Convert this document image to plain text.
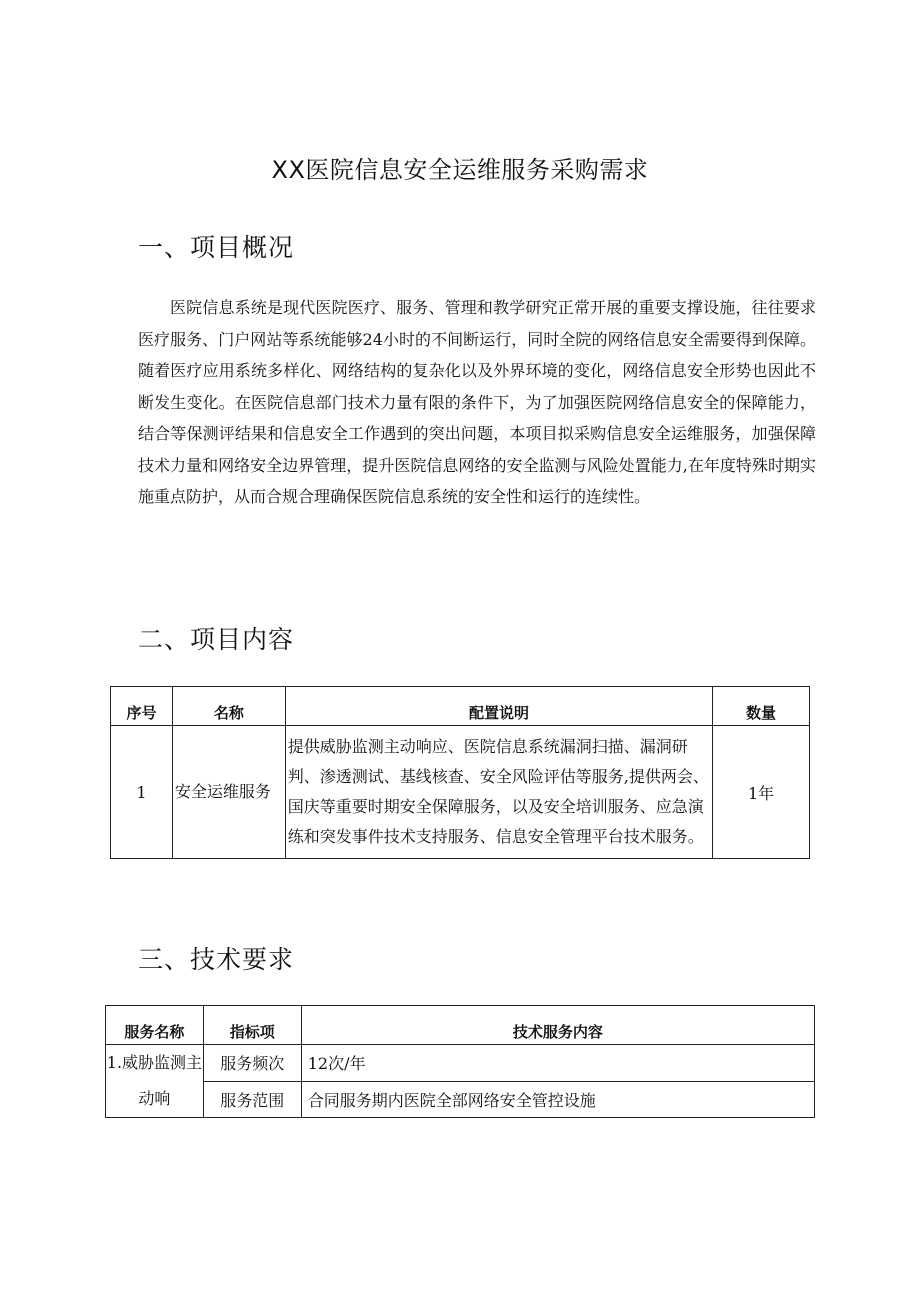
XX医院信息安全运维服务采购需求
一、项目概况

医院信息系统是现代医院医疗、服务、管理和教学研究正常开展的重要支撑设施，往往要求医疗服务、门户网站等系统能够24小时的不间断运行，同时全院的网络信息安全需要得到保障。随着医疗应用系统多样化、网络结构的复杂化以及外界环境的变化，网络信息安全形势也因此不断发生变化。在医院信息部门技术力量有限的条件下，为了加强医院网络信息安全的保障能力，结合等保测评结果和信息安全工作遇到的突出问题，本项目拟采购信息安全运维服务，加强保障技术力量和网络安全边界管理，提升医院信息网络的安全监测与风险处置能力,在年度特殊时期实施重点防护，从而合规合理确保医院信息系统的安全性和运行的连续性。

二、项目内容
序号	名称	配置说明	数量
1	安全运维服务	提供威胁监测主动响应、医院信息系统漏洞扫描、漏洞研判、渗透测试、基线核查、安全风险评估等服务,提供两会、国庆等重要时期安全保障服务，以及安全培训服务、应急演练和突发事件技术支持服务、信息安全管理平台技术服务。	1年
三、技术要求
服务名称	指标项	技术服务内容
1.威胁监测主动响	服务频次	12次/年
	服务范围	合同服务期内医院全部网络安全管控设施
